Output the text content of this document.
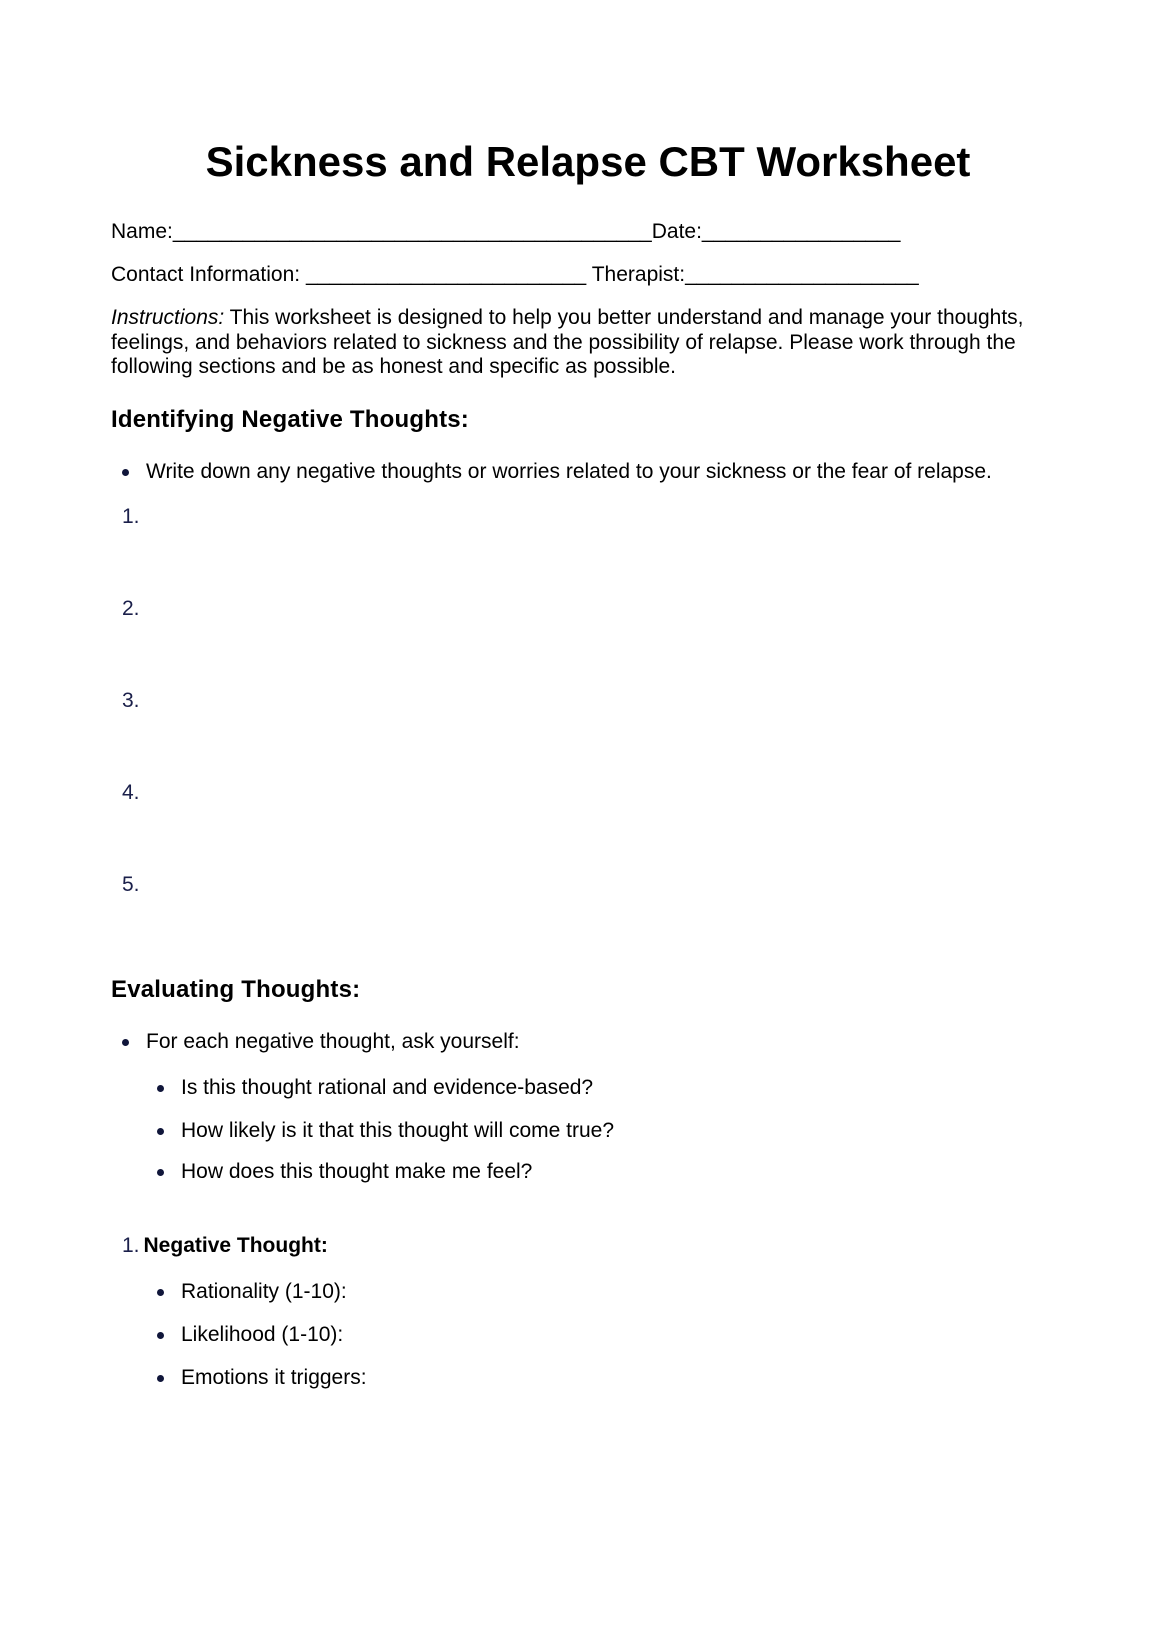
Sickness and Relapse CBT Worksheet
Name:_________________________________________Date:_________________
Contact Information: ________________________ Therapist:____________________

Instructions: This worksheet is designed to help you better understand and manage your thoughts, feelings, and behaviors related to sickness and the possibility of relapse. Please work through the following sections and be as honest and specific as possible.

Identifying Negative Thoughts:
Write down any negative thoughts or worries related to your sickness or the fear of relapse.
1.
2.
3.
4.
5.
Evaluating Thoughts:
For each negative thought, ask yourself:
Is this thought rational and evidence-based?
How likely is it that this thought will come true?
How does this thought make me feel?
1. Negative Thought:
Rationality (1-10):
Likelihood (1-10):
Emotions it triggers:
